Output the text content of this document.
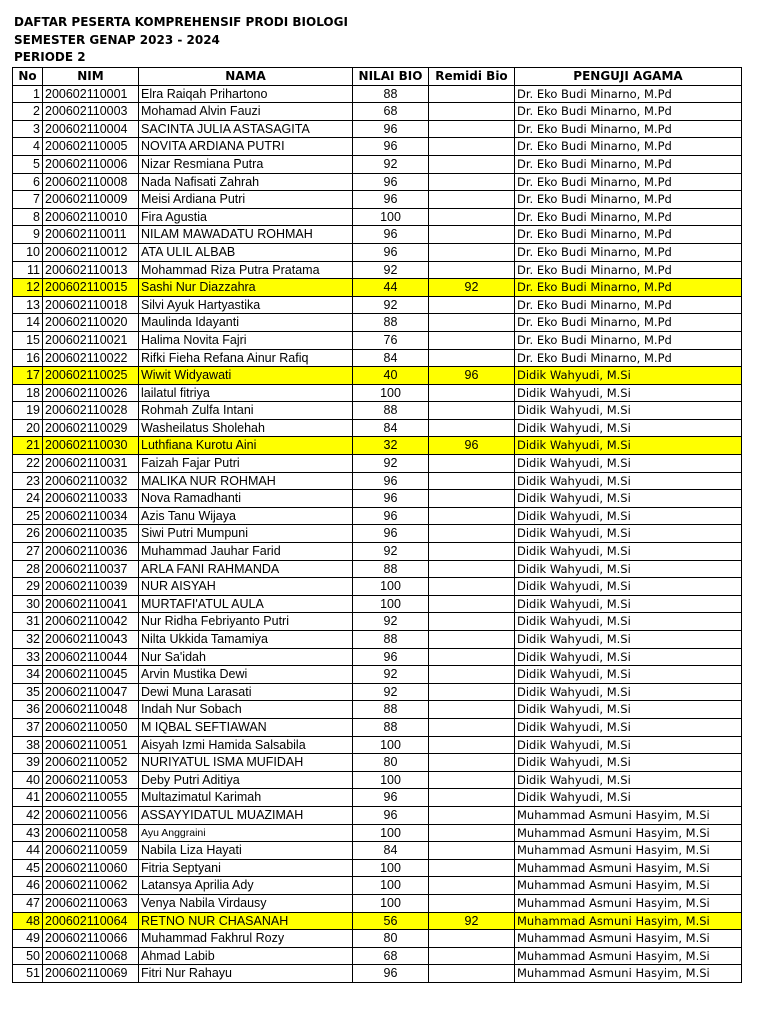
DAFTAR PESERTA KOMPREHENSIF PRODI BIOLOGI
SEMESTER GENAP 2023 - 2024
PERIODE 2
No	NIM	NAMA	NILAI BIO	Remidi Bio	PENGUJI AGAMA
1	200602110001	Elra Raiqah Prihartono	88		Dr. Eko Budi Minarno, M.Pd
2	200602110003	Mohamad Alvin Fauzi	68		Dr. Eko Budi Minarno, M.Pd
3	200602110004	SACINTA JULIA ASTASAGITA	96		Dr. Eko Budi Minarno, M.Pd
4	200602110005	NOVITA ARDIANA PUTRI	96		Dr. Eko Budi Minarno, M.Pd
5	200602110006	Nizar Resmiana Putra	92		Dr. Eko Budi Minarno, M.Pd
6	200602110008	Nada Nafisati Zahrah	96		Dr. Eko Budi Minarno, M.Pd
7	200602110009	Meisi Ardiana Putri	96		Dr. Eko Budi Minarno, M.Pd
8	200602110010	Fira Agustia	100		Dr. Eko Budi Minarno, M.Pd
9	200602110011	NILAM MAWADATU ROHMAH	96		Dr. Eko Budi Minarno, M.Pd
10	200602110012	ATA ULIL ALBAB	96		Dr. Eko Budi Minarno, M.Pd
11	200602110013	Mohammad Riza Putra Pratama	92		Dr. Eko Budi Minarno, M.Pd
12	200602110015	Sashi Nur Diazzahra	44	92	Dr. Eko Budi Minarno, M.Pd
13	200602110018	Silvi Ayuk Hartyastika	92		Dr. Eko Budi Minarno, M.Pd
14	200602110020	Maulinda Idayanti	88		Dr. Eko Budi Minarno, M.Pd
15	200602110021	Halima Novita Fajri	76		Dr. Eko Budi Minarno, M.Pd
16	200602110022	Rifki Fieha Refana Ainur Rafiq	84		Dr. Eko Budi Minarno, M.Pd
17	200602110025	Wiwit Widyawati	40	96	Didik Wahyudi, M.Si
18	200602110026	lailatul fitriya	100		Didik Wahyudi, M.Si
19	200602110028	Rohmah Zulfa Intani	88		Didik Wahyudi, M.Si
20	200602110029	Washeilatus Sholehah	84		Didik Wahyudi, M.Si
21	200602110030	Luthfiana Kurotu Aini	32	96	Didik Wahyudi, M.Si
22	200602110031	Faizah Fajar Putri	92		Didik Wahyudi, M.Si
23	200602110032	MALIKA NUR ROHMAH	96		Didik Wahyudi, M.Si
24	200602110033	Nova Ramadhanti	96		Didik Wahyudi, M.Si
25	200602110034	Azis Tanu Wijaya	96		Didik Wahyudi, M.Si
26	200602110035	Siwi Putri Mumpuni	96		Didik Wahyudi, M.Si
27	200602110036	Muhammad Jauhar Farid	92		Didik Wahyudi, M.Si
28	200602110037	ARLA FANI RAHMANDA	88		Didik Wahyudi, M.Si
29	200602110039	NUR AISYAH	100		Didik Wahyudi, M.Si
30	200602110041	MURTAFI'ATUL AULA	100		Didik Wahyudi, M.Si
31	200602110042	Nur Ridha Febriyanto Putri	92		Didik Wahyudi, M.Si
32	200602110043	Nilta Ukkida Tamamiya	88		Didik Wahyudi, M.Si
33	200602110044	Nur Sa'idah	96		Didik Wahyudi, M.Si
34	200602110045	Arvin Mustika Dewi	92		Didik Wahyudi, M.Si
35	200602110047	Dewi Muna Larasati	92		Didik Wahyudi, M.Si
36	200602110048	Indah Nur Sobach	88		Didik Wahyudi, M.Si
37	200602110050	M IQBAL SEFTIAWAN	88		Didik Wahyudi, M.Si
38	200602110051	Aisyah Izmi Hamida Salsabila	100		Didik Wahyudi, M.Si
39	200602110052	NURIYATUL ISMA MUFIDAH	80		Didik Wahyudi, M.Si
40	200602110053	Deby Putri Aditiya	100		Didik Wahyudi, M.Si
41	200602110055	Multazimatul Karimah	96		Didik Wahyudi, M.Si
42	200602110056	ASSAYYIDATUL MUAZIMAH	96		Muhammad Asmuni Hasyim, M.Si
43	200602110058	Ayu Anggraini	100		Muhammad Asmuni Hasyim, M.Si
44	200602110059	Nabila Liza Hayati	84		Muhammad Asmuni Hasyim, M.Si
45	200602110060	Fitria Septyani	100		Muhammad Asmuni Hasyim, M.Si
46	200602110062	Latansya Aprilia Ady	100		Muhammad Asmuni Hasyim, M.Si
47	200602110063	Venya Nabila Virdausy	100		Muhammad Asmuni Hasyim, M.Si
48	200602110064	RETNO NUR CHASANAH	56	92	Muhammad Asmuni Hasyim, M.Si
49	200602110066	Muhammad Fakhrul Rozy	80		Muhammad Asmuni Hasyim, M.Si
50	200602110068	Ahmad Labib	68		Muhammad Asmuni Hasyim, M.Si
51	200602110069	Fitri Nur Rahayu	96		Muhammad Asmuni Hasyim, M.Si
